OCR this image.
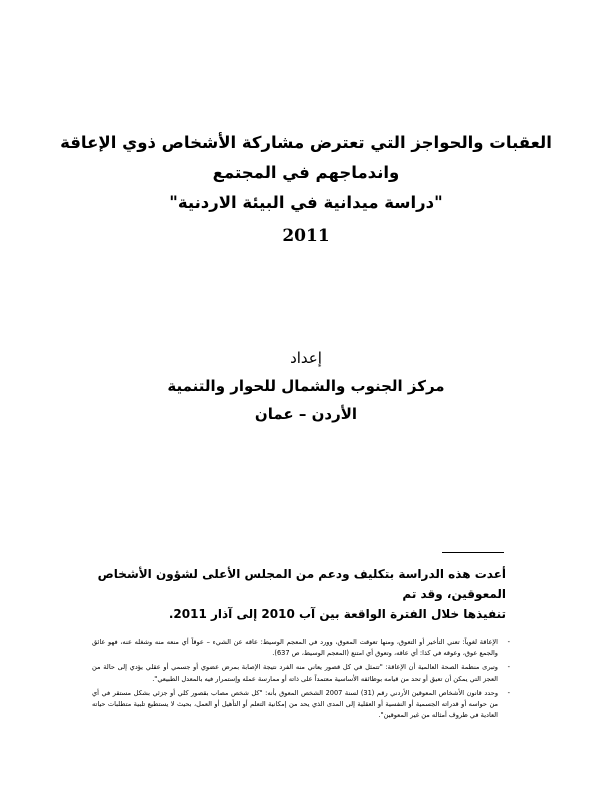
العقبات والحواجز التي تعترض مشاركة الأشخاص ذوي الإعاقة
واندماجهم في المجتمع
"دراسة ميدانية في البيئة الاردنية"
2011
إعداد
مركز الجنوب والشمال للحوار والتنمية
الأردن – عمان
أعدت هذه الدراسة بتكليف ودعم من المجلس الأعلى لشؤون الأشخاص المعوقين، وقد تم
تنفيذها خلال الفترة الواقعة بين آب 2010 إلى آذار 2011.
-
الإعاقة لغوياً: تعني التأخير أو التعوق، ومنها تعوقت المعوق، وورد في المعجم الوسيط: عاقه عن الشيء – عوقاً أي منعه منه وشغله عنه، فهو عائق والجمع عوق، وعوقه في كذا: أي عاقه، وتعوق أي امتنع (المعجم الوسيط، ص 637).
-
وتبرى منظمة الصحة العالمية أن الإعاقة: "تتمثل في كل قصور يعاني منه الفرد نتيجة الإصابة بمرض عضوي أو جسمي أو عقلي يؤدي إلى حالة من العجز التي يمكن أن تعيق أو تحد من قيامه بوظائفه الأساسية معتمداً على ذاته أو ممارسة عمله وإستمرار فيه بالمعدل الطبيعي".
-
وحدد قانون الأشخاص المعوقين الأردني رقم (31) لسنة 2007 الشخص المعوق بأنه: "كل شخص مصاب بقصور كلي أو جزئي بشكل مستقر في أي من حواسه أو قدراته الجسمية أو النفسية أو العقلية إلى المدى الذي يحد من إمكانية التعلم أو التأهيل أو العمل، بحيث لا يستطيع تلبية متطلبات حياته العادية في ظروف أمثاله من غير المعوقين".
